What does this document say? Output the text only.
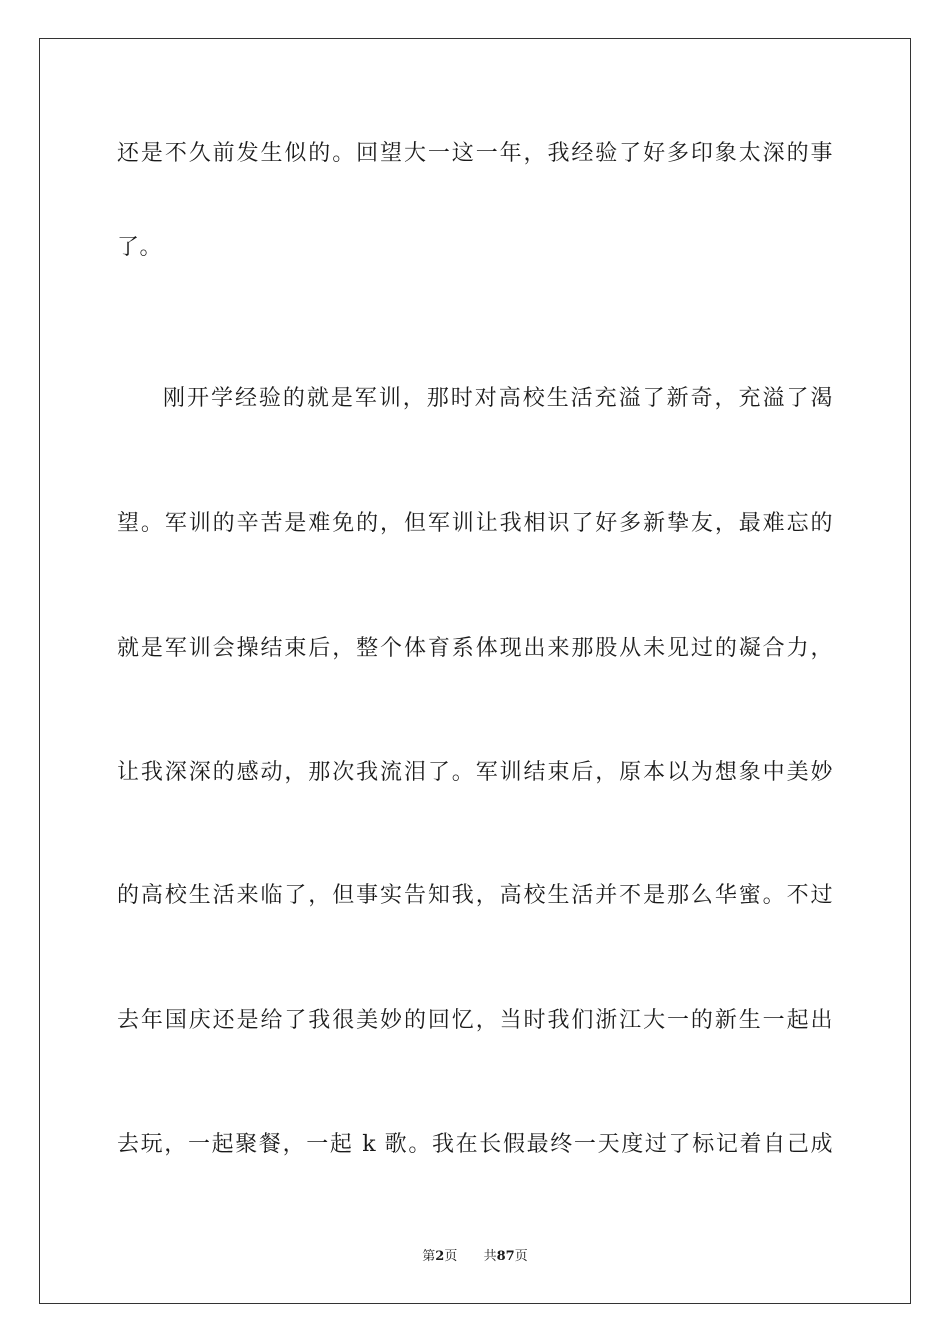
还是不久前发生似的。回望大一这一年，我经验了好多印象太深的事
了。
刚开学经验的就是军训，那时对高校生活充溢了新奇，充溢了渴
望。军训的辛苦是难免的，但军训让我相识了好多新挚友，最难忘的
就是军训会操结束后，整个体育系体现出来那股从未见过的凝合力，
让我深深的感动，那次我流泪了。军训结束后，原本以为想象中美妙
的高校生活来临了，但事实告知我，高校生活并不是那么华蜜。不过
去年国庆还是给了我很美妙的回忆，当时我们浙江大一的新生一起出
去玩，一起聚餐，一起 k 歌。我在长假最终一天度过了标记着自己成
第2页 共87页
